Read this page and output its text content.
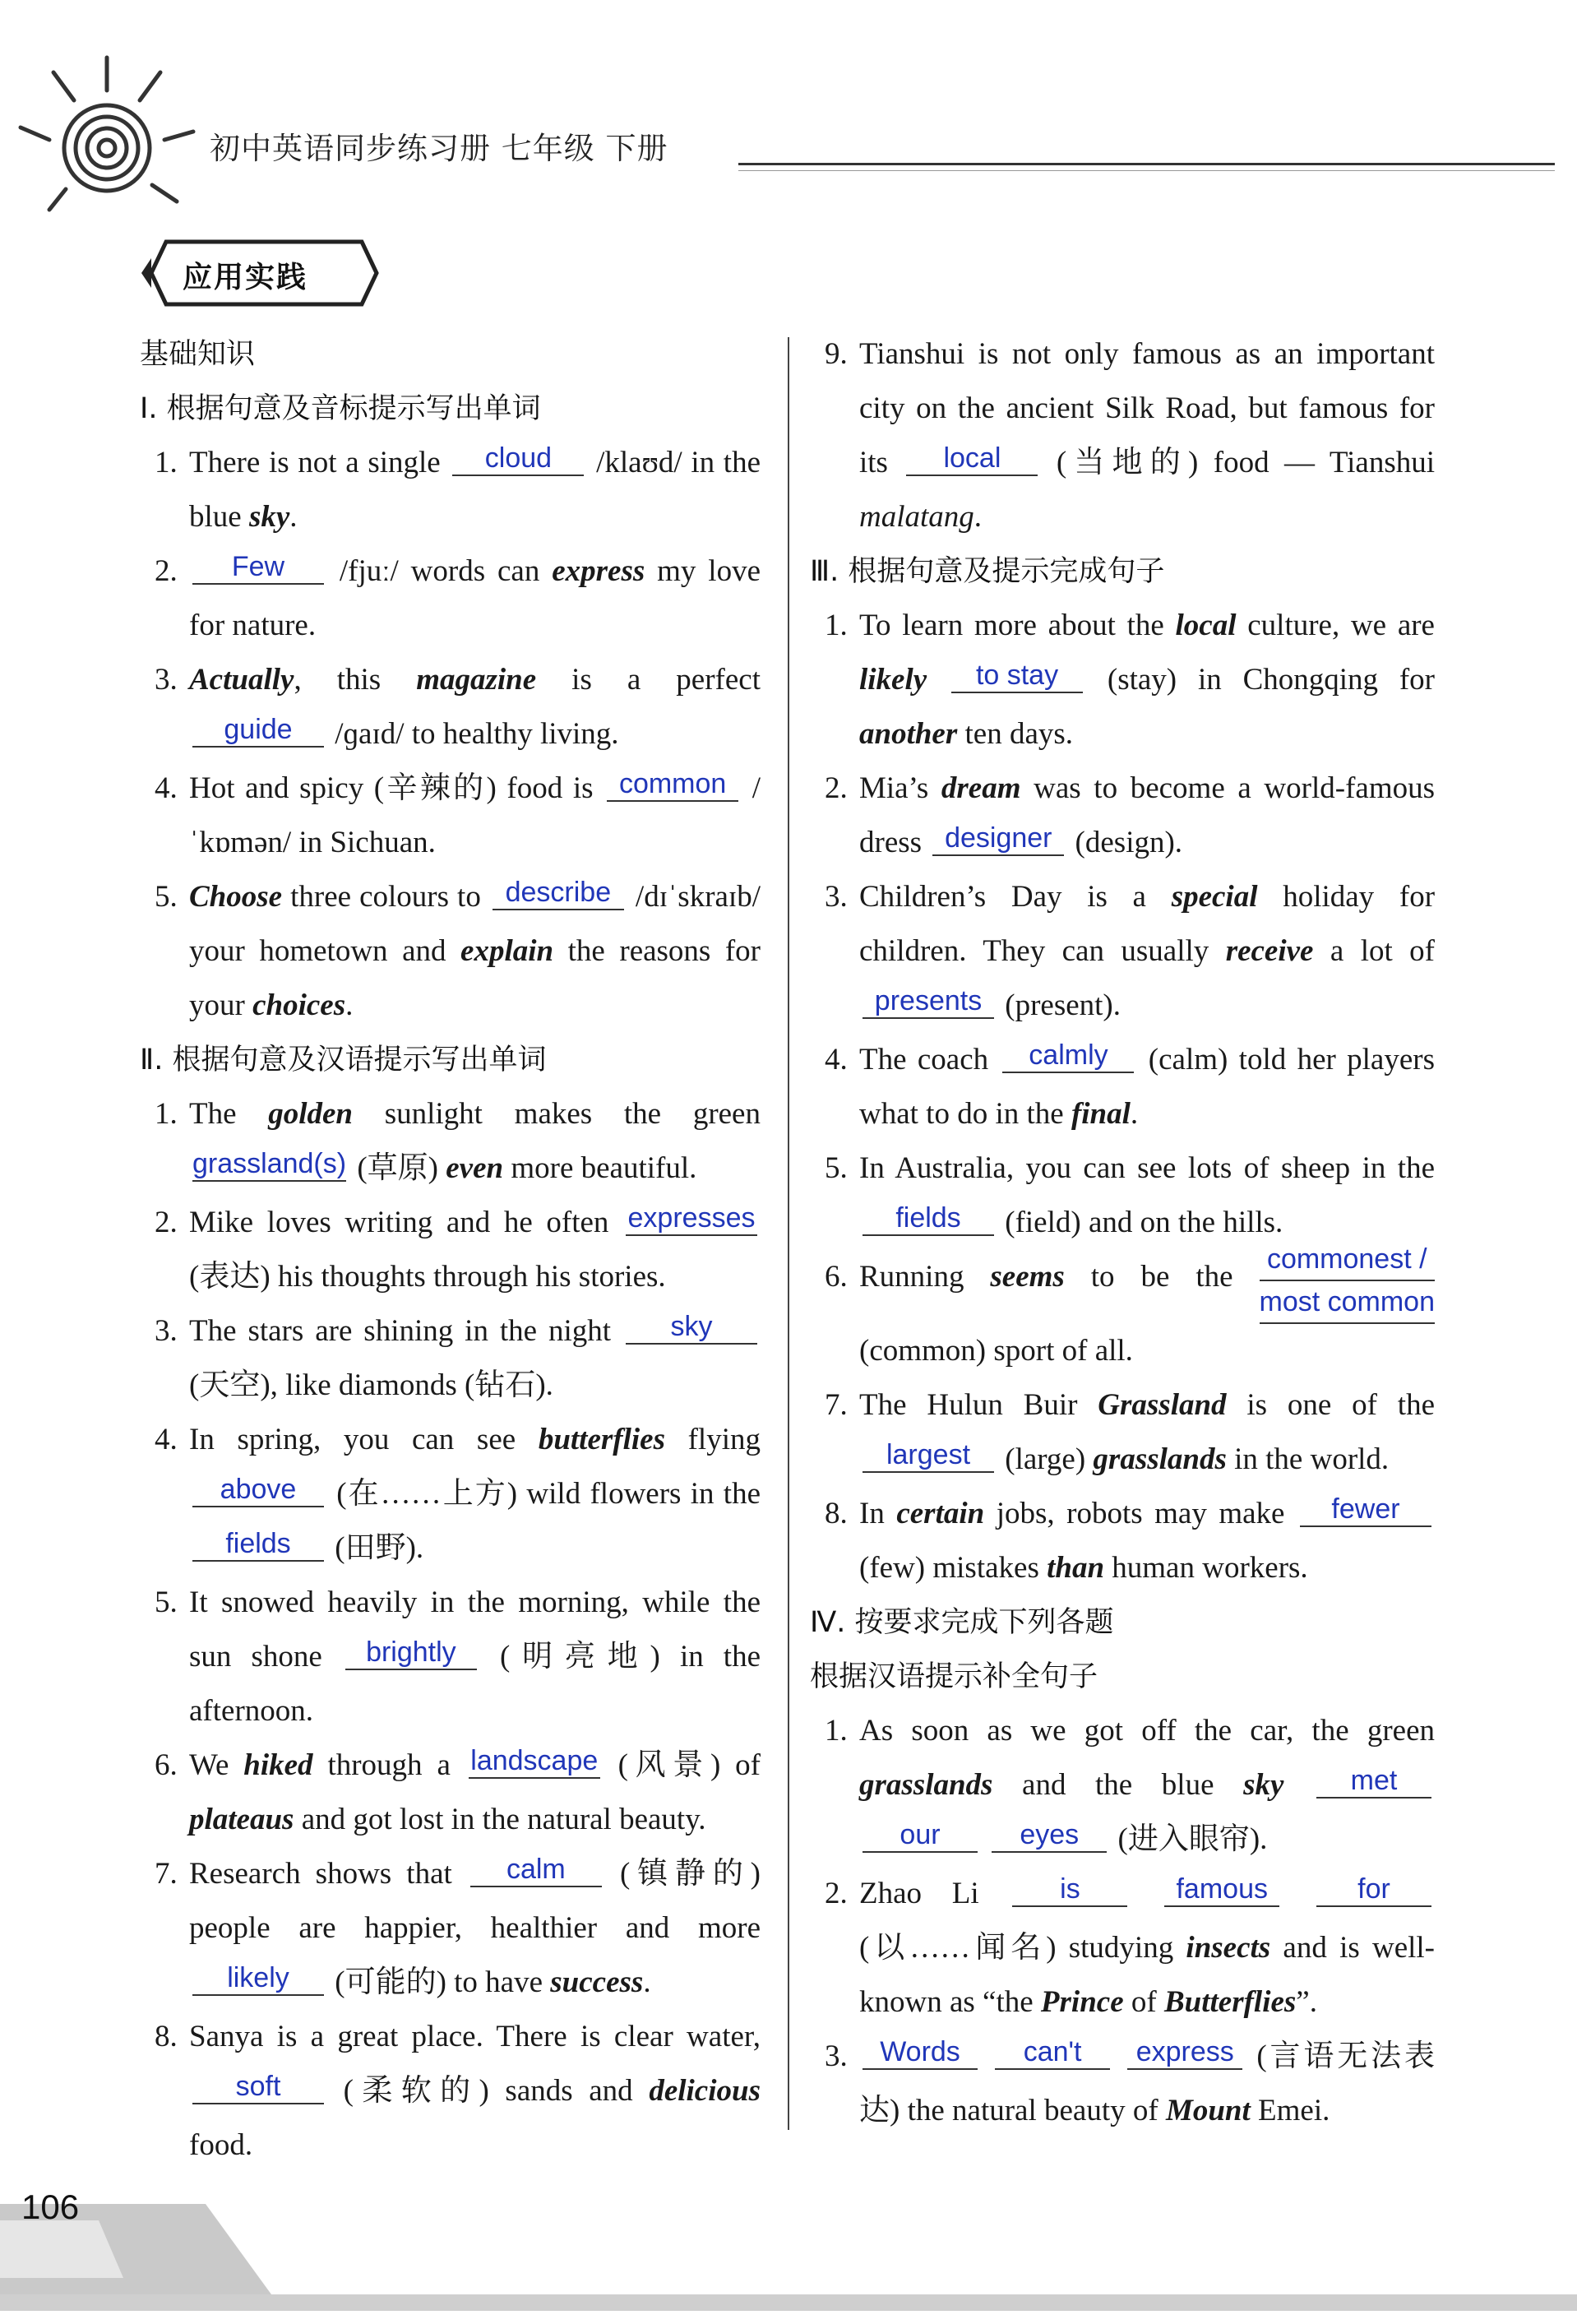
初中英语同步练习册 七年级 下册
应用实践
基础知识
Ⅰ. 根据句意及音标提示写出单词
1. There is not a single cloud /klaʊd/ in the blue sky.
2.	Few /fjuː/ words can express my love for nature.
3. Actually, this magazine is a perfect guide /ɡaɪd/ to healthy living.
4. Hot and spicy (辛辣的) food is common /ˈkɒmən/ in Sichuan.
5. Choose three colours to describe /dɪˈskraɪb/ your hometown and explain the reasons for your choices.
Ⅱ. 根据句意及汉语提示写出单词
1. The golden sunlight makes the green grassland(s) (草原) even more beautiful.
2. Mike loves writing and he often expresses (表达) his thoughts through his stories.
3. The stars are shining in the night sky (天空), like diamonds (钻石).
4. In spring, you can see butterflies flying above (在……上方) wild flowers in the fields (田野).
5. It snowed heavily in the morning, while the sun shone brightly (明亮地) in the afternoon.
6. We hiked through a landscape (风景) of plateaus and got lost in the natural beauty.
7. Research shows that calm (镇静的) people are happier, healthier and more likely (可能的) to have success.
8. Sanya is a great place. There is clear water, soft (柔软的) sands and delicious food.
9. Tianshui is not only famous as an important city on the ancient Silk Road, but famous for its local (当地的) food — Tianshui malatang.
Ⅲ. 根据句意及提示完成句子
1. To learn more about the local culture, we are likely to stay (stay) in Chongqing for another ten days.
2. Mia’s dream was to become a world-famous dress designer (design).
3. Children’s Day is a special holiday for children. They can usually receive a lot of presents (present).
4. The coach calmly (calm) told her players what to do in the final.
5. In Australia, you can see lots of sheep in the fields (field) and on the hills.
6. Running seems to be the
commonest /
most common
(common) sport of all.
7. The Hulun Buir Grassland is one of the largest (large) grasslands in the world.
8. In certain jobs, robots may make fewer (few) mistakes than human workers.
Ⅳ. 按要求完成下列各题
根据汉语提示补全句子
1. As soon as we got off the car, the green grasslands and the blue sky met our	eyes (进入眼帘).
2. Zhao Li is	famous	for (以……闻名) studying insects and is well-known as “the Prince of Butterflies”.
3.	Words can't express (言语无法表达) the natural beauty of Mount Emei.
106
